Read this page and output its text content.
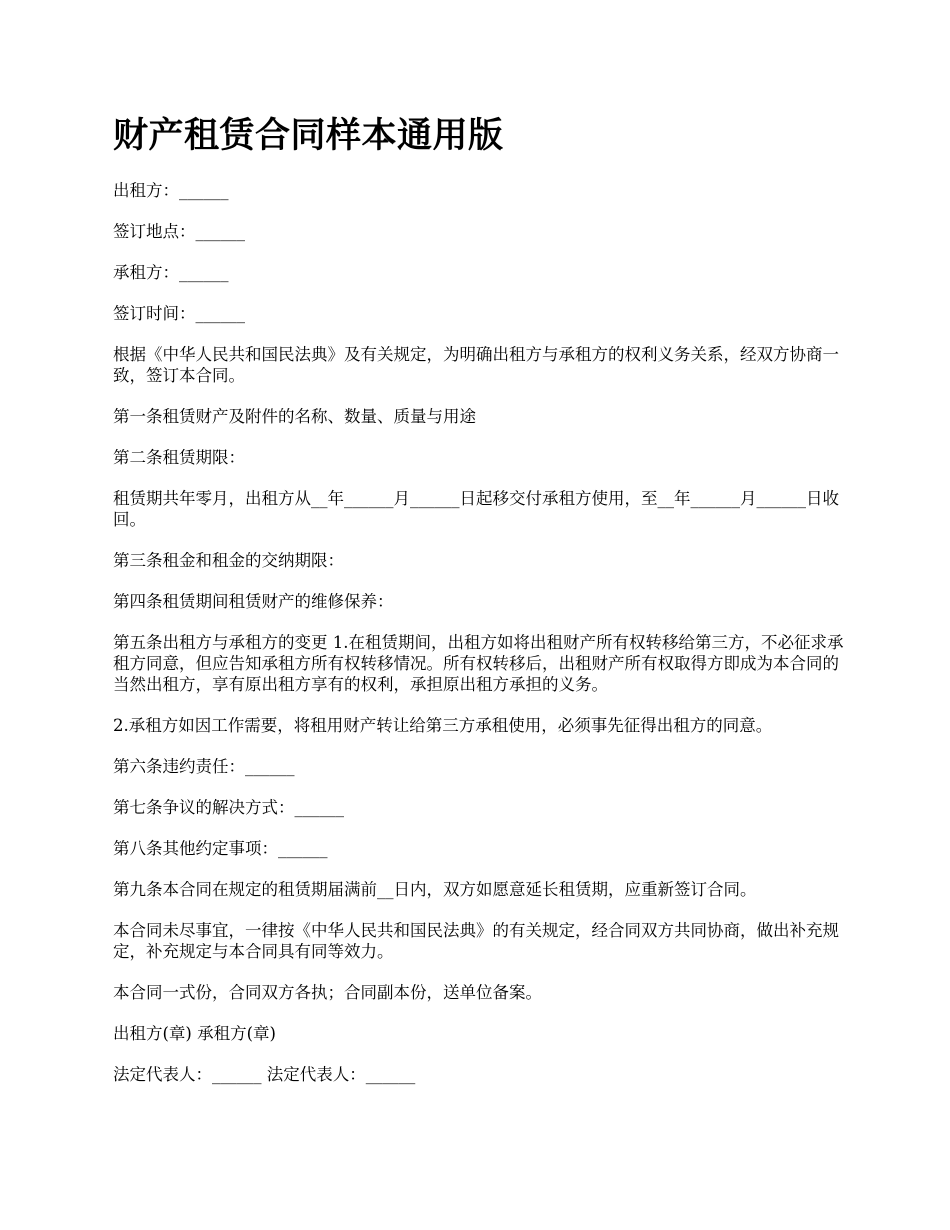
财产租赁合同样本通用版

出租方：______

签订地点：______

承租方：______

签订时间：______

根据《中华人民共和国民法典》及有关规定，为明确出租方与承租方的权利义务关系，经双方协商一致，签订本合同。

第一条租赁财产及附件的名称、数量、质量与用途

第二条租赁期限：

租赁期共年零月，出租方从__年______月______日起移交付承租方使用，至__年______月______日收回。

第三条租金和租金的交纳期限：

第四条租赁期间租赁财产的维修保养：

第五条出租方与承租方的变更 1.在租赁期间，出租方如将出租财产所有权转移给第三方，不必征求承租方同意，但应告知承租方所有权转移情况。所有权转移后，出租财产所有权取得方即成为本合同的当然出租方，享有原出租方享有的权利，承担原出租方承担的义务。

2.承租方如因工作需要，将租用财产转让给第三方承租使用，必须事先征得出租方的同意。

第六条违约责任：______

第七条争议的解决方式：______

第八条其他约定事项：______

第九条本合同在规定的租赁期届满前__日内，双方如愿意延长租赁期，应重新签订合同。

本合同未尽事宜，一律按《中华人民共和国民法典》的有关规定，经合同双方共同协商，做出补充规定，补充规定与本合同具有同等效力。

本合同一式份，合同双方各执；合同副本份，送单位备案。

出租方(章) 承租方(章)

法定代表人：______ 法定代表人：______
